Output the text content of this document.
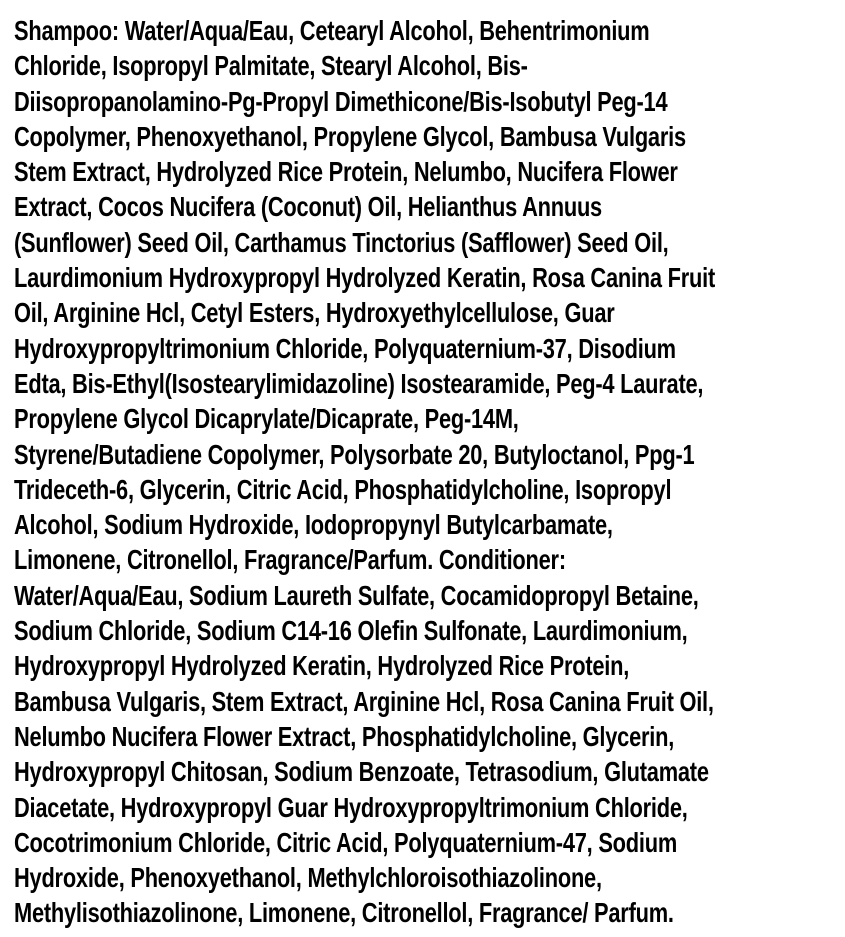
Shampoo: Water/Aqua/Eau, Cetearyl Alcohol, Behentrimonium
Chloride, Isopropyl Palmitate, Stearyl Alcohol, Bis-
Diisopropanolamino-Pg-Propyl Dimethicone/Bis-Isobutyl Peg-14
Copolymer, Phenoxyethanol, Propylene Glycol, Bambusa Vulgaris
Stem Extract, Hydrolyzed Rice Protein, Nelumbo, Nucifera Flower
Extract, Cocos Nucifera (Coconut) Oil, Helianthus Annuus
(Sunflower) Seed Oil, Carthamus Tinctorius (Safflower) Seed Oil,
Laurdimonium Hydroxypropyl Hydrolyzed Keratin, Rosa Canina Fruit
Oil, Arginine Hcl, Cetyl Esters, Hydroxyethylcellulose, Guar
Hydroxypropyltrimonium Chloride, Polyquaternium-37, Disodium
Edta, Bis-Ethyl(Isostearylimidazoline) Isostearamide, Peg-4 Laurate,
Propylene Glycol Dicaprylate/Dicaprate, Peg-14M,
Styrene/Butadiene Copolymer, Polysorbate 20, Butyloctanol, Ppg-1
Trideceth-6, Glycerin, Citric Acid, Phosphatidylcholine, Isopropyl
Alcohol, Sodium Hydroxide, Iodopropynyl Butylcarbamate,
Limonene, Citronellol, Fragrance/Parfum. Conditioner:
Water/Aqua/Eau, Sodium Laureth Sulfate, Cocamidopropyl Betaine,
Sodium Chloride, Sodium C14-16 Olefin Sulfonate, Laurdimonium,
Hydroxypropyl Hydrolyzed Keratin, Hydrolyzed Rice Protein,
Bambusa Vulgaris, Stem Extract, Arginine Hcl, Rosa Canina Fruit Oil,
Nelumbo Nucifera Flower Extract, Phosphatidylcholine, Glycerin,
Hydroxypropyl Chitosan, Sodium Benzoate, Tetrasodium, Glutamate
Diacetate, Hydroxypropyl Guar Hydroxypropyltrimonium Chloride,
Cocotrimonium Chloride, Citric Acid, Polyquaternium-47, Sodium
Hydroxide, Phenoxyethanol, Methylchloroisothiazolinone,
Methylisothiazolinone, Limonene, Citronellol, Fragrance/ Parfum.
